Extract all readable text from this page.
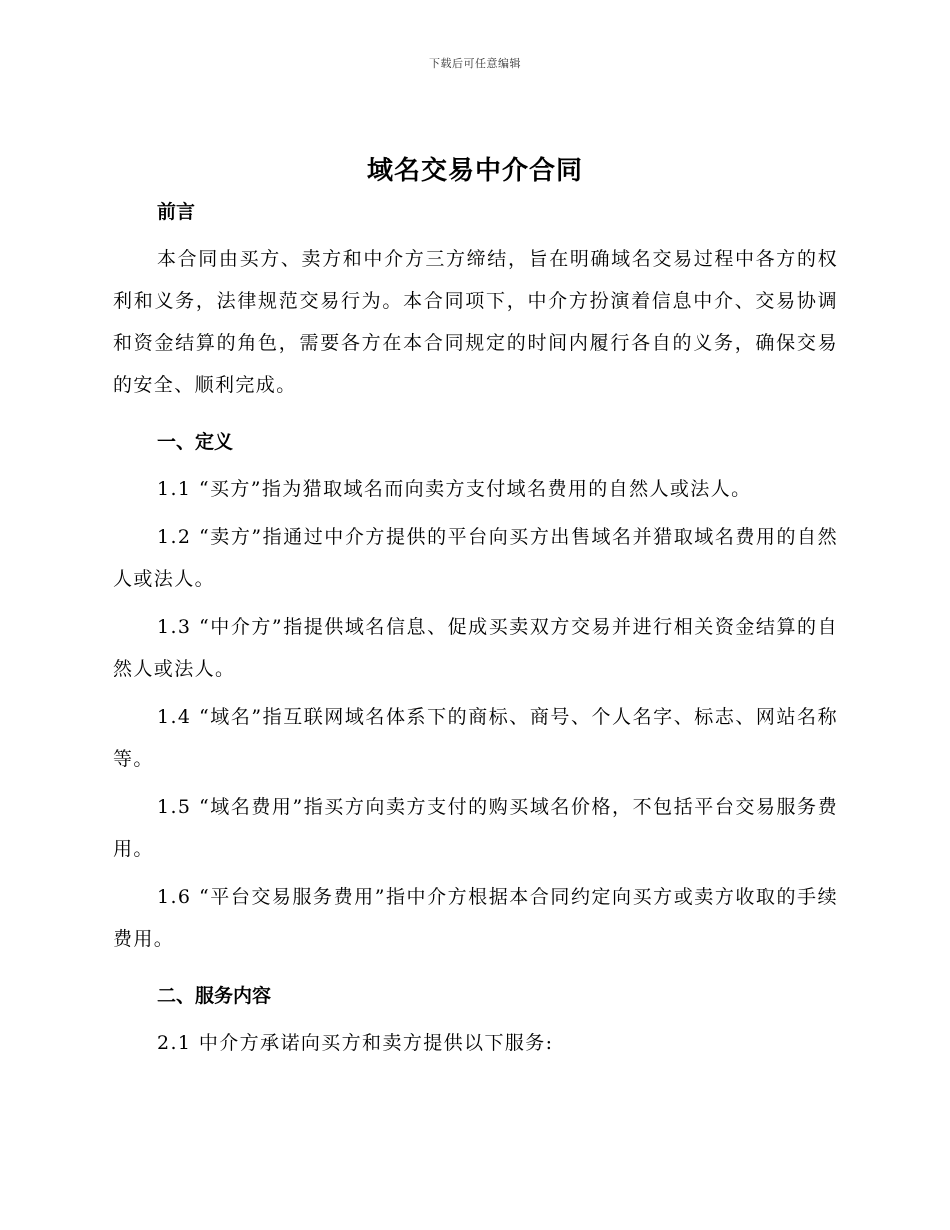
下载后可任意编辑
域名交易中介合同
前言

本合同由买方、卖方和中介方三方缔结，旨在明确域名交易过程中各方的权利和义务，法律规范交易行为。本合同项下，中介方扮演着信息中介、交易协调和资金结算的角色，需要各方在本合同规定的时间内履行各自的义务，确保交易的安全、顺利完成。

一、定义

1.1 “买方”指为猎取域名而向卖方支付域名费用的自然人或法人。

1.2 “卖方”指通过中介方提供的平台向买方出售域名并猎取域名费用的自然人或法人。

1.3 “中介方”指提供域名信息、促成买卖双方交易并进行相关资金结算的自然人或法人。

1.4 “域名”指互联网域名体系下的商标、商号、个人名字、标志、网站名称等。

1.5 “域名费用”指买方向卖方支付的购买域名价格，不包括平台交易服务费用。

1.6 “平台交易服务费用”指中介方根据本合同约定向买方或卖方收取的手续费用。

二、服务内容

2.1 中介方承诺向买方和卖方提供以下服务:
